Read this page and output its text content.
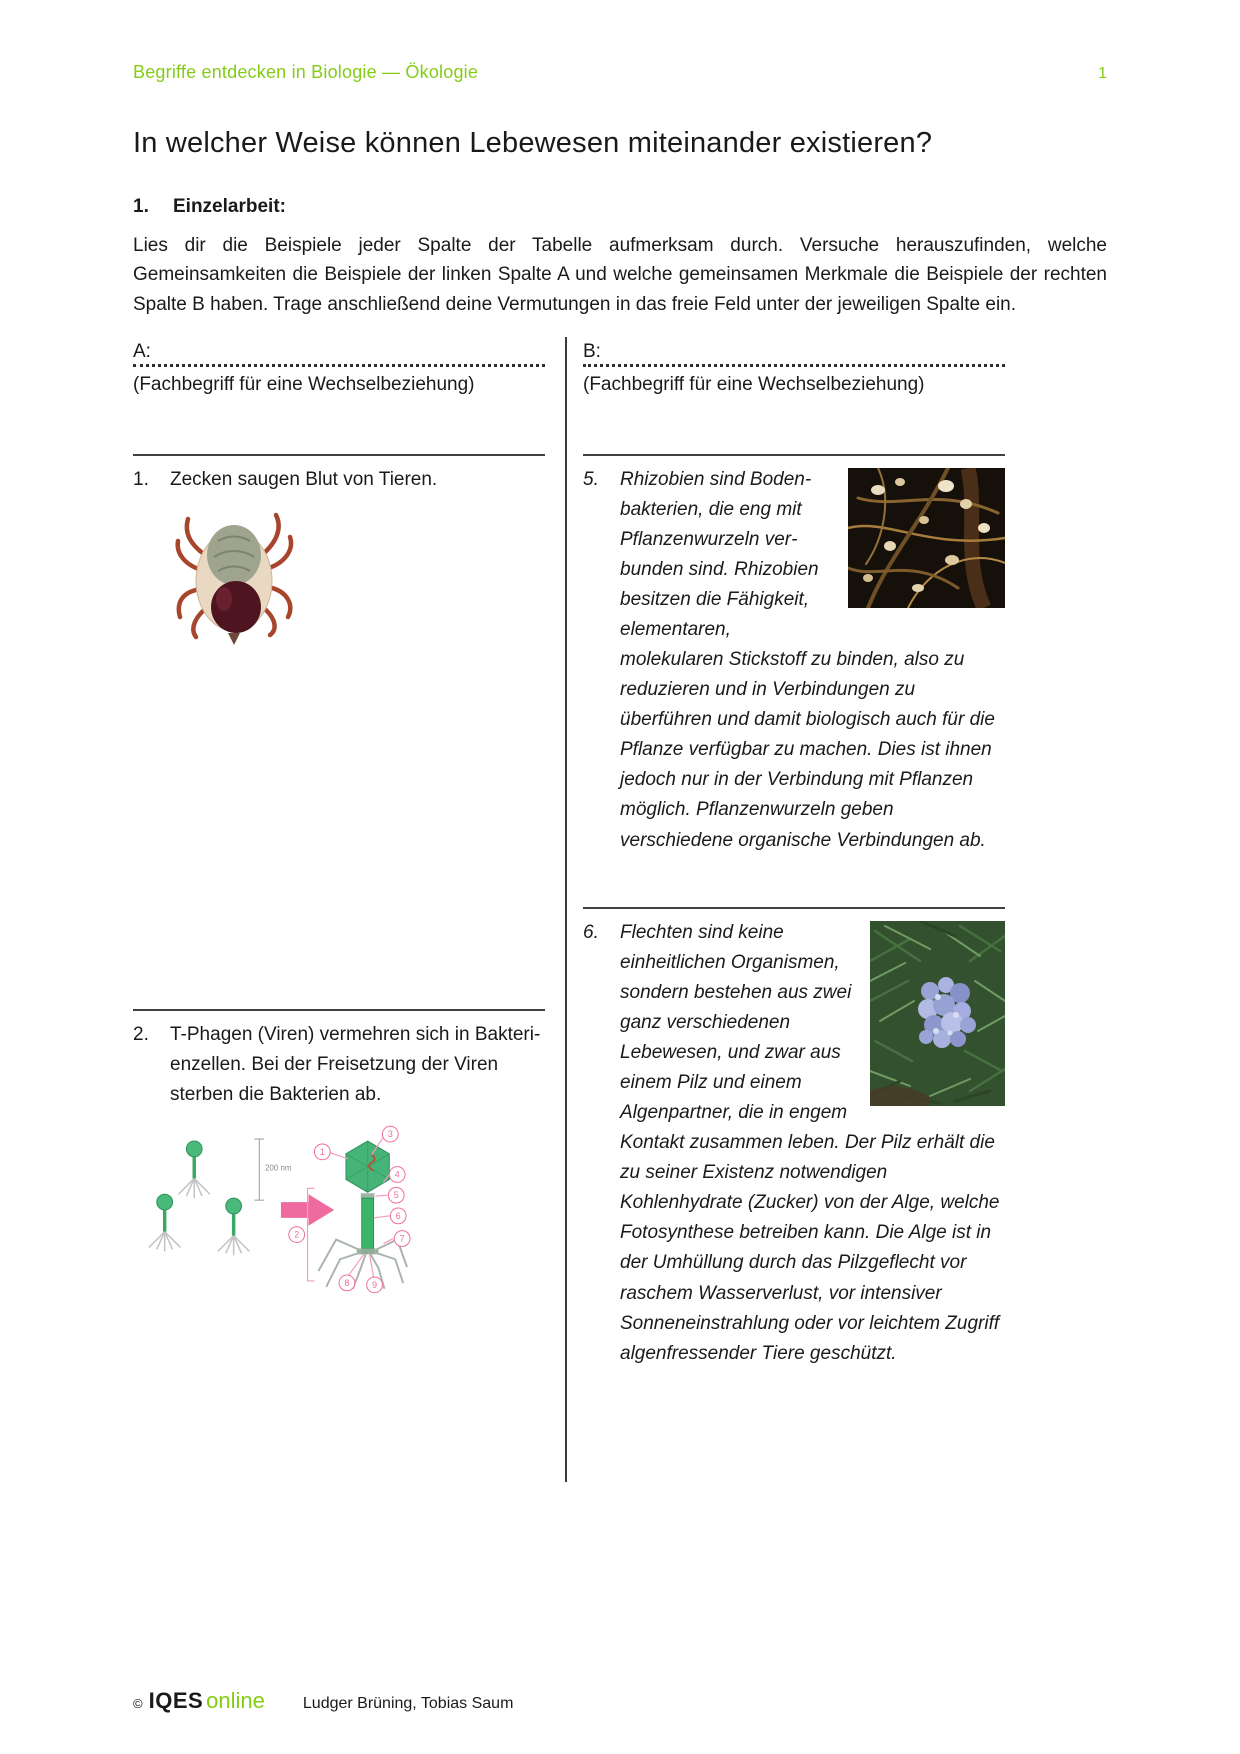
Begriffe entdecken in Biologie — Ökologie	1
In welcher Weise können Lebewesen miteinander existieren?
1.	Einzelarbeit:

Lies dir die Beispiele jeder Spalte der Tabelle aufmerksam durch. Versuche herauszufinden, welche Gemeinsamkeiten die Beispiele der linken Spalte A und welche gemeinsamen Merkmale die Beispiele der rechten Spalte B haben. Trage anschließend deine Vermutungen in das freie Feld unter der jeweiligen Spalte ein.

A:
(Fachbegriff für eine Wechselbeziehung)
1.	Zecken saugen Blut von Tieren.
2.	T-Phagen (Viren) vermehren sich in Bakterienzellen. Bei der Freisetzung der Viren sterben die Bakterien ab.
200 nm
1
2
3
4
5
6
7
8	9
B:
(Fachbegriff für eine Wechselbeziehung)
5.	Rhizobien sind Bodenbakterien, die eng mit Pflanzenwurzeln verbunden sind. Rhizobien besitzen die Fähigkeit, elementaren, molekularen Stickstoff zu binden, also zu reduzieren und in Verbindungen zu überführen und damit biologisch auch für die Pflanze verfügbar zu machen. Dies ist ihnen jedoch nur in der Verbindung mit Pflanzen möglich. Pflanzenwurzeln geben verschiedene organische Verbindungen ab.
6.	Flechten sind keine einheitlichen Organismen, sondern bestehen aus zwei ganz verschiedenen Lebewesen, und zwar aus einem Pilz und einem Algenpartner, die in engem Kontakt zusammen leben. Der Pilz erhält die zu seiner Existenz notwendigen Kohlenhydrate (Zucker) von der Alge, welche Fotosynthese betreiben kann. Die Alge ist in der Umhüllung durch das Pilzgeflecht vor raschem Wasserverlust, vor intensiver Sonneneinstrahlung oder vor leichtem Zugriff algenfressender Tiere geschützt.
© IQES online Ludger Brüning, Tobias Saum
